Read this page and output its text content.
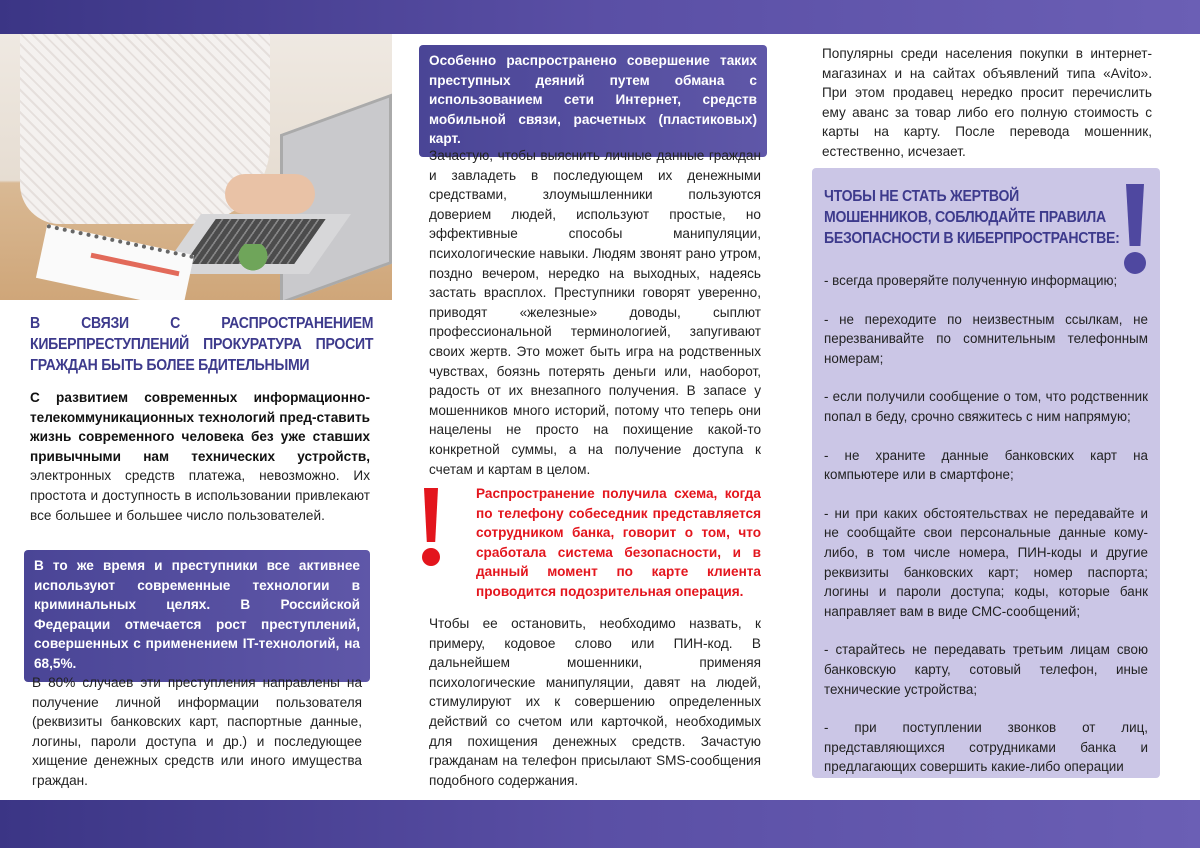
В СВЯЗИ С РАСПРОСТРАНЕНИЕМ КИБЕРПРЕСТУПЛЕНИЙ ПРОКУРАТУРА ПРОСИТ ГРАЖДАН БЫТЬ БОЛЕЕ БДИТЕЛЬНЫМИ

С развитием современных информационно-телекоммуникационных технологий пред-ставить жизнь современного человека без уже ставших привычными нам технических устройств, электронных средств платежа, невозможно. Их простота и доступность в использовании привлекают все большее и большее число пользователей.

В то же время и преступники все активнее используют современные технологии в криминальных целях. В Российской Федерации отмечается рост преступлений, совершенных с применением IT-технологий, на 68,5%.
В 80% случаев эти преступления направлены на получение личной информации пользователя (реквизиты банковских карт, паспортные данные, логины, пароли доступа и др.) и последующее хищение денежных средств или иного имущества граждан.
Особенно распространено совершение таких преступных деяний путем обмана с использованием сети Интернет, средств мобильной связи, расчетных (пластиковых) карт.
Зачастую, чтобы выяснить личные данные граждан и завладеть в последующем их денежными средствами, злоумышленники пользуются доверием людей, используют простые, но эффективные способы манипуляции, психологические навыки. Людям звонят рано утром, поздно вечером, нередко на выходных, надеясь застать врасплох. Преступники говорят уверенно, приводят «железные» доводы, сыплют профессиональной терминологией, запугивают своих жертв. Это может быть игра на родственных чувствах, боязнь потерять деньги или, наоборот, радость от их внезапного получения. В запасе у мошенников много историй, потому что теперь они нацелены не просто на похищение какой-то конкретной суммы, а на получение доступа к счетам и картам в целом.
Распространение получила схема, когда по телефону собеседник представляется сотрудником банка, говорит о том, что сработала система безопасности, и в данный момент по карте клиента проводится подозрительная операция.
Чтобы ее остановить, необходимо назвать, к примеру, кодовое слово или ПИН-код. В дальнейшем мошенники, применяя психологические манипуляции, давят на людей, стимулируют их к совершению определенных действий со счетом или карточкой, необходимых для похищения денежных средств. Зачастую гражданам на телефон присылают SMS-сообщения подобного содержания.
Популярны среди населения покупки в интернет-магазинах и на сайтах объявлений типа «Avito». При этом продавец нередко просит перечислить ему аванс за товар либо его полную стоимость с карты на карту. После перевода мошенник, естественно, исчезает.
ЧТОБЫ НЕ СТАТЬ ЖЕРТВОЙ МОШЕННИКОВ, СОБЛЮДАЙТЕ ПРАВИЛА БЕЗОПАСНОСТИ В КИБЕРПРОСТРАНСТВЕ:

- всегда проверяйте полученную информацию;

- не переходите по неизвестным ссылкам, не перезванивайте по сомнительным телефонным номерам;

- если получили сообщение о том, что родственник попал в беду, срочно свяжитесь с ним напрямую;

- не храните данные банковских карт на компьютере или в смартфоне;

- ни при каких обстоятельствах не передавайте и не сообщайте свои персональные данные кому-либо, в том числе номера, ПИН-коды и другие реквизиты банковских карт; номер паспорта; логины и пароли доступа; коды, которые банк направляет вам в виде СМС-сообщений;

- старайтесь не передавать третьим лицам свою банковскую карту, сотовый телефон, иные технические устройства;

- при поступлении звонков от лиц, представляющихся сотрудниками банка и предлагающих совершить какие-либо операции
